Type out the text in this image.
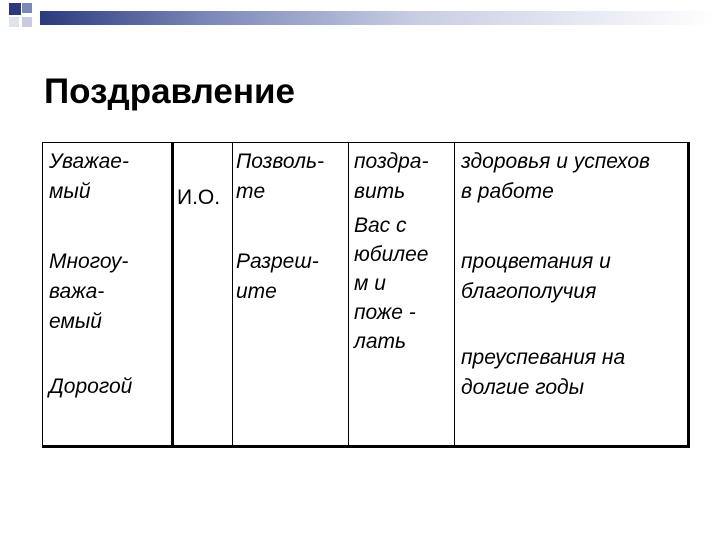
Поздравление
Уважае-
мый
Многоу-
важа-
емый
Дорогой
И.О.
Позволь-
те
Разреш-
ите
поздра-
вить
Вас с
юбилее
м и
поже -
лать
здоровья и успехов
в работе
процветания и
благополучия
преуспевания на
долгие годы
